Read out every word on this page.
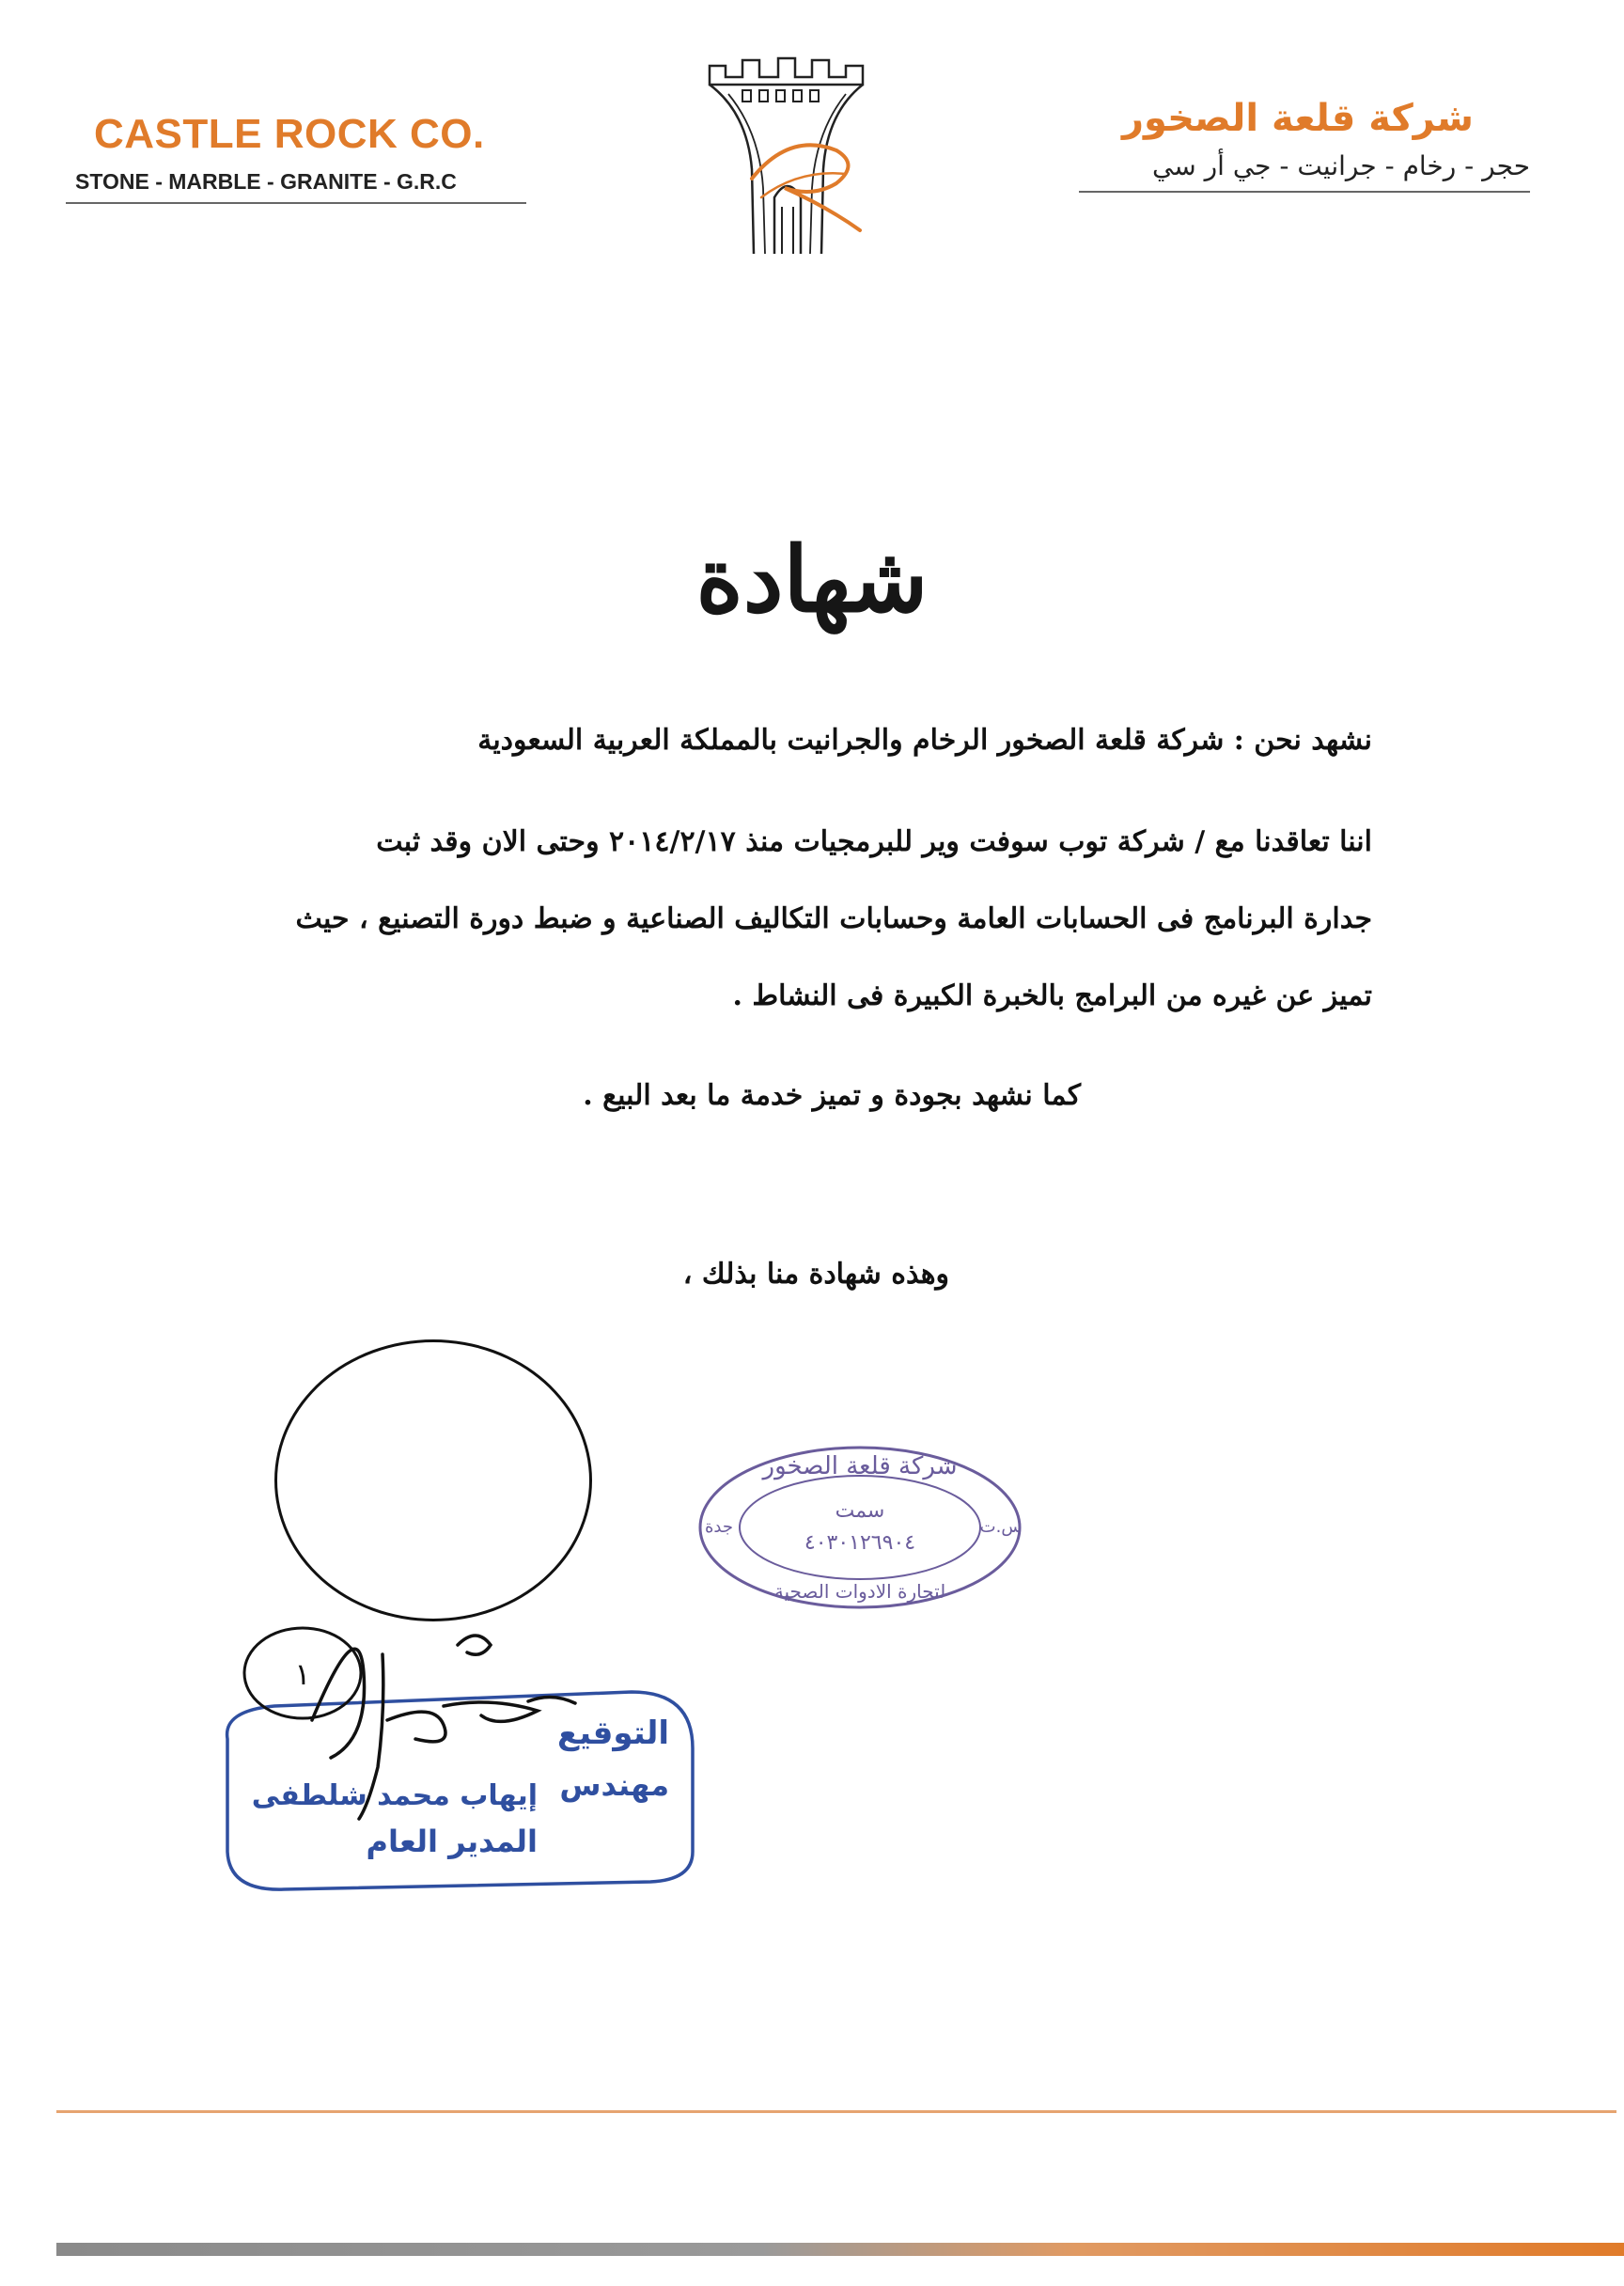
CASTLE ROCK CO.
STONE - MARBLE - GRANITE - G.R.C
شركة قلعة الصخور
حجر - رخام - جرانيت - جي أر سي
شهادة
نشهد نحن : شركة قلعة الصخور الرخام والجرانيت بالمملكة العربية السعودية
اننا تعاقدنا مع / شركة توب سوفت وير للبرمجيات منذ ٢٠١٤/٢/١٧ وحتى الان وقد ثبت
جدارة البرنامج فى الحسابات العامة وحسابات التكاليف الصناعية و ضبط دورة التصنيع ، حيث
تميز عن غيره من البرامج بالخبرة الكبيرة فى النشاط .
كما نشهد بجودة و تميز خدمة ما بعد البيع .
وهذه شهادة منا بذلك ،
شركة قلعة الصخور
سمت
٤٠٣٠١٢٦٩٠٤
جدة	س.ت
لتجارة الادوات الصحية
التوقيع
مهندس
إيهاب محمد شلطفى
المدير العام
١
